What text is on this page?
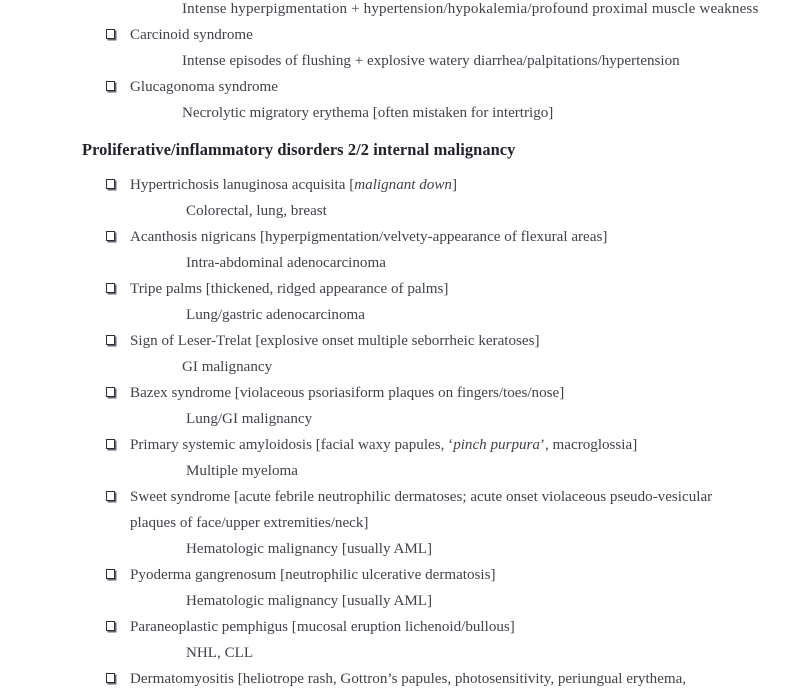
Intense hyperpigmentation + hypertension/hypokalemia/profound proximal muscle weakness
Carcinoid syndrome
Intense episodes of flushing + explosive watery diarrhea/palpitations/hypertension
Glucagonoma syndrome
Necrolytic migratory erythema [often mistaken for intertrigo]
Proliferative/inflammatory disorders 2/2 internal malignancy
Hypertrichosis lanuginosa acquisita [malignant down]
Colorectal, lung, breast
Acanthosis nigricans [hyperpigmentation/velvety-appearance of flexural areas]
Intra-abdominal adenocarcinoma
Tripe palms [thickened, ridged appearance of palms]
Lung/gastric adenocarcinoma
Sign of Leser-Trelat [explosive onset multiple seborrheic keratoses]
GI malignancy
Bazex syndrome [violaceous psoriasiform plaques on fingers/toes/nose]
Lung/GI malignancy
Primary systemic amyloidosis [facial waxy papules, ‘pinch purpura’, macroglossia]
Multiple myeloma
Sweet syndrome [acute febrile neutrophilic dermatoses; acute onset violaceous pseudo-vesicular
plaques of face/upper extremities/neck]
Hematologic malignancy [usually AML]
Pyoderma gangrenosum [neutrophilic ulcerative dermatosis]
Hematologic malignancy [usually AML]
Paraneoplastic pemphigus [mucosal eruption lichenoid/bullous]
NHL, CLL
Dermatomyositis [heliotrope rash, Gottron’s papules, photosensitivity, periungual erythema,
